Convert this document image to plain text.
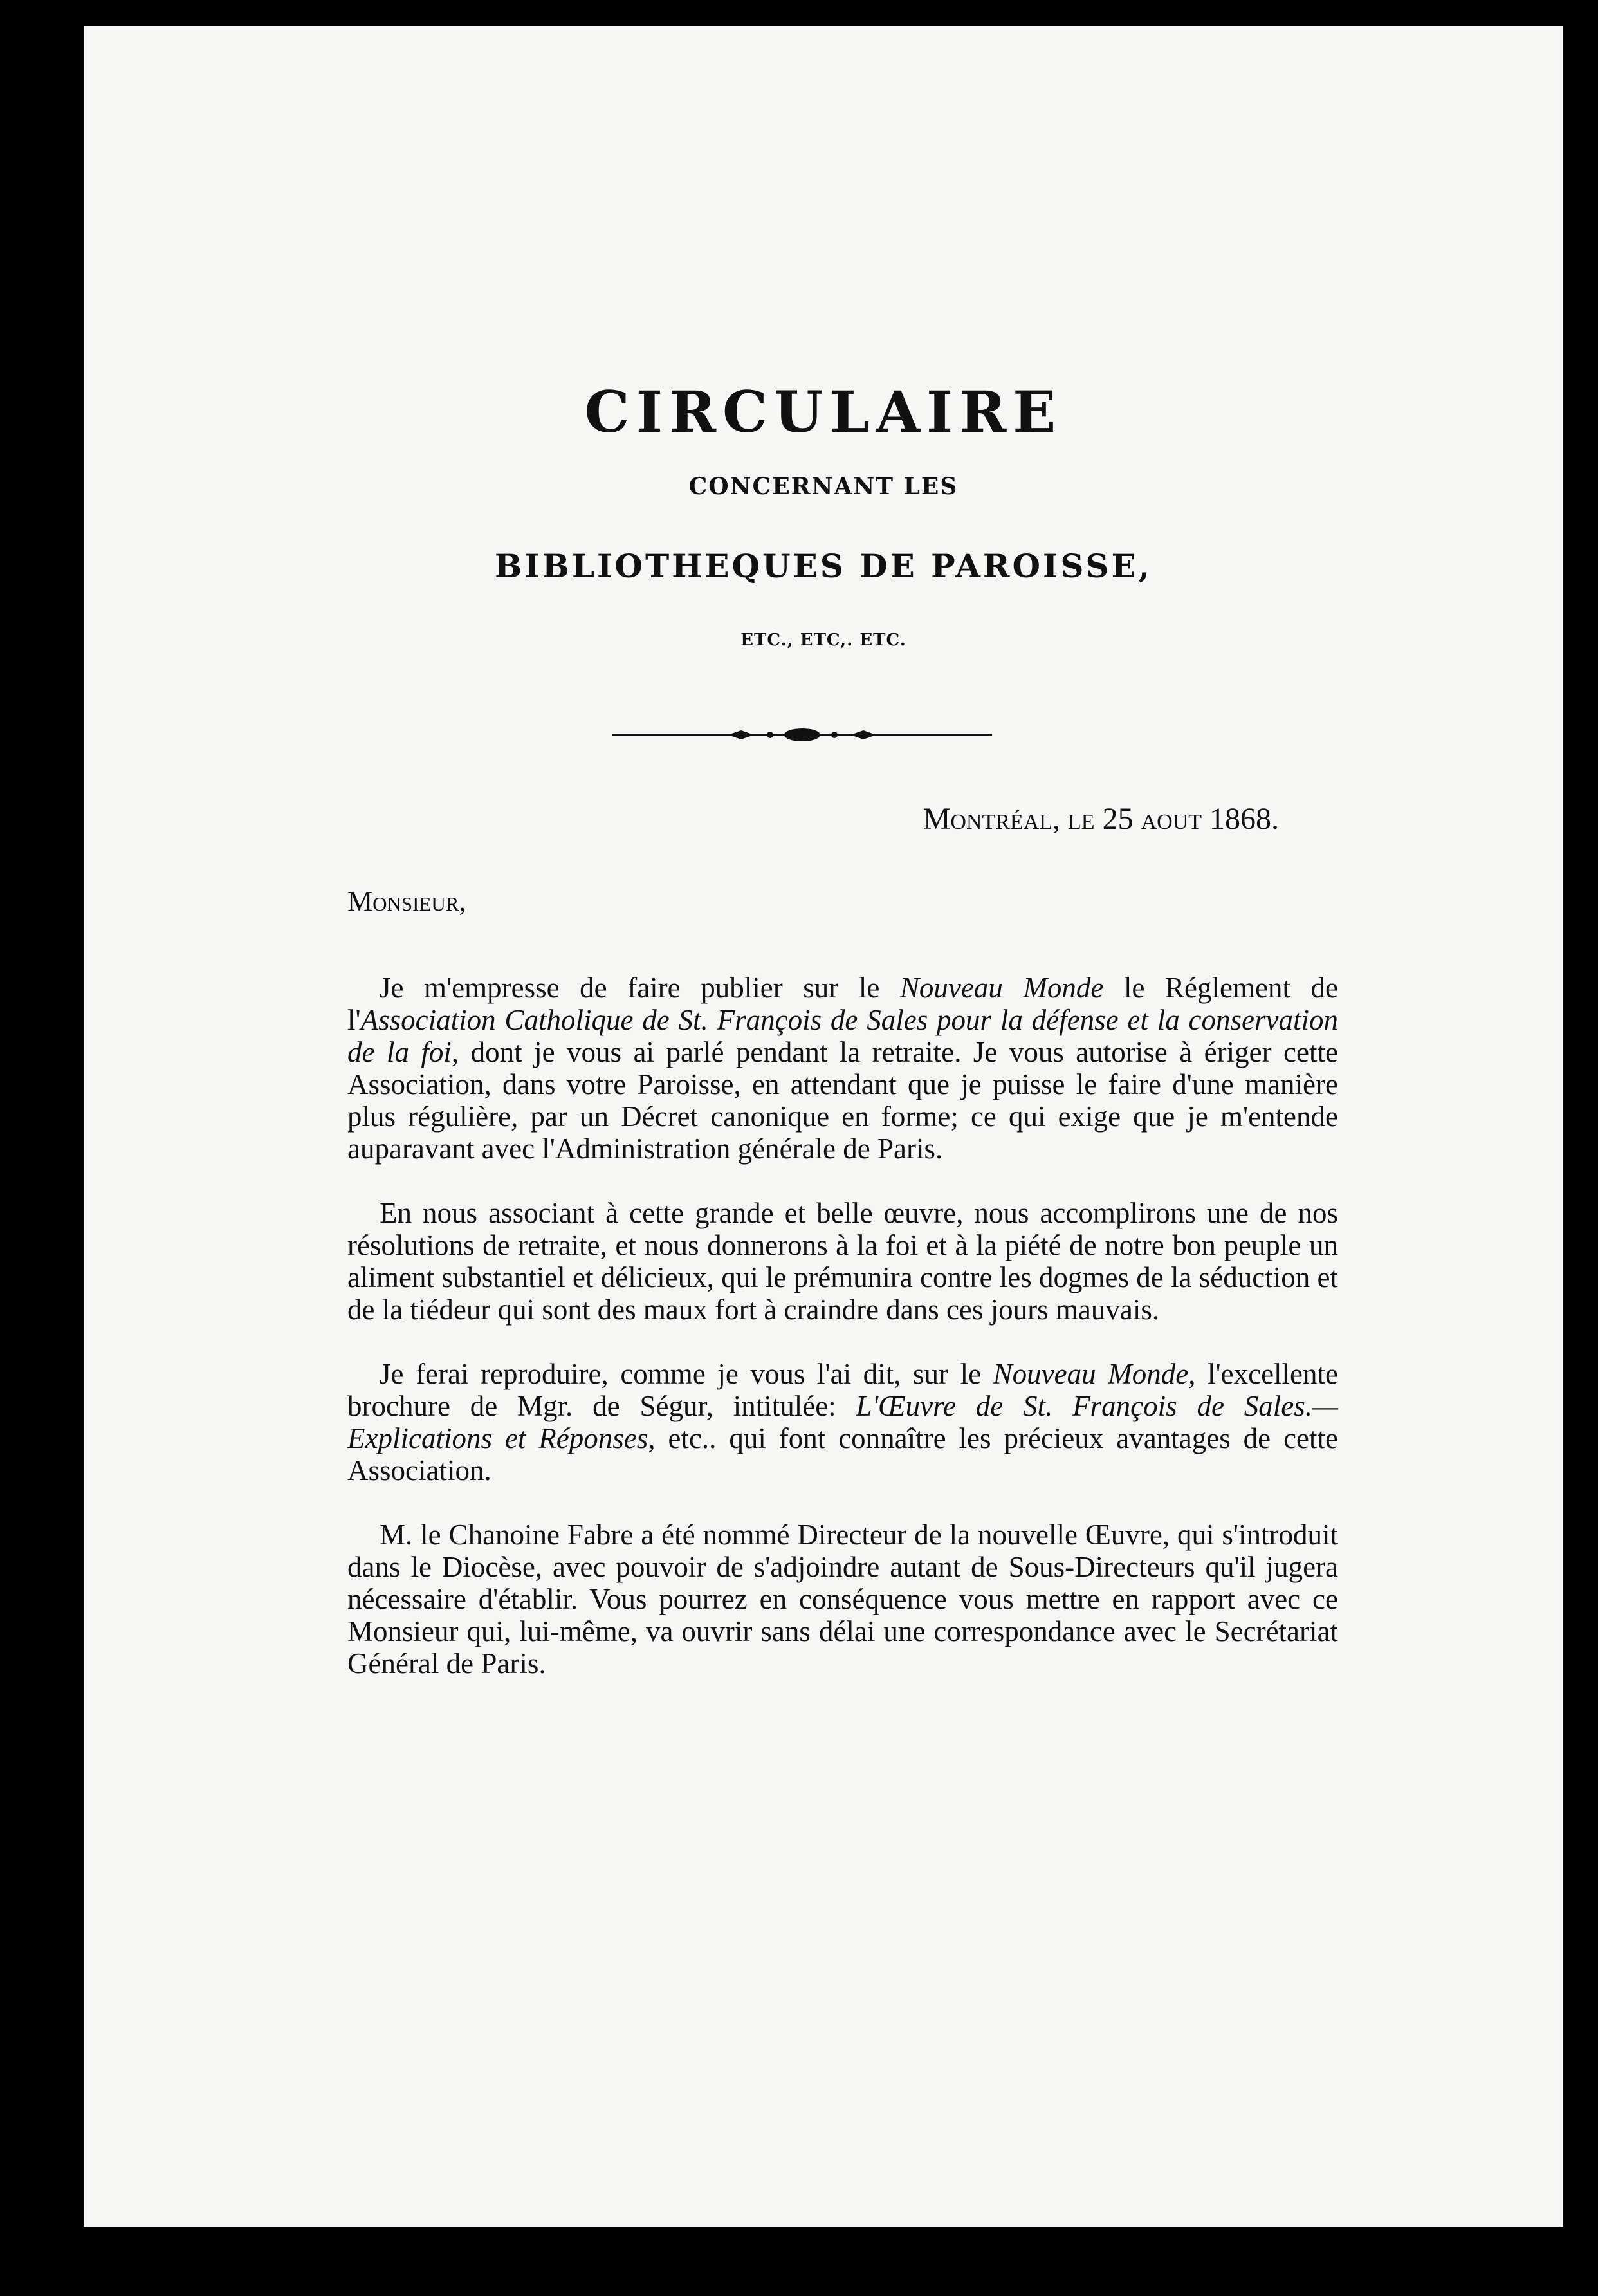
CIRCULAIRE
CONCERNANT LES
BIBLIOTHEQUES DE PAROISSE,
ETC., ETC,. ETC.
Montréal, le 25 aout 1868.
Monsieur,

Je m'empresse de faire publier sur le Nouveau Monde le Réglement de l'Association Catholique de St. François de Sales pour la défense et la conservation de la foi, dont je vous ai parlé pendant la retraite. Je vous autorise à ériger cette Association, dans votre Paroisse, en attendant que je puisse le faire d'une manière plus régulière, par un Décret canonique en forme; ce qui exige que je m'entende auparavant avec l'Administration générale de Paris.

En nous associant à cette grande et belle œuvre, nous accomplirons une de nos résolutions de retraite, et nous donnerons à la foi et à la piété de notre bon peuple un aliment substantiel et délicieux, qui le prémunira contre les dogmes de la séduction et de la tiédeur qui sont des maux fort à craindre dans ces jours mauvais.

Je ferai reproduire, comme je vous l'ai dit, sur le Nouveau Monde, l'excellente brochure de Mgr. de Ségur, intitulée: L'Œuvre de St. François de Sales.—Explications et Réponses, etc.. qui font connaître les précieux avantages de cette Association.

M. le Chanoine Fabre a été nommé Directeur de la nouvelle Œuvre, qui s'introduit dans le Diocèse, avec pouvoir de s'adjoindre autant de Sous-Directeurs qu'il jugera nécessaire d'établir. Vous pourrez en conséquence vous mettre en rapport avec ce Monsieur qui, lui-même, va ouvrir sans délai une correspondance avec le Secrétariat Général de Paris.
